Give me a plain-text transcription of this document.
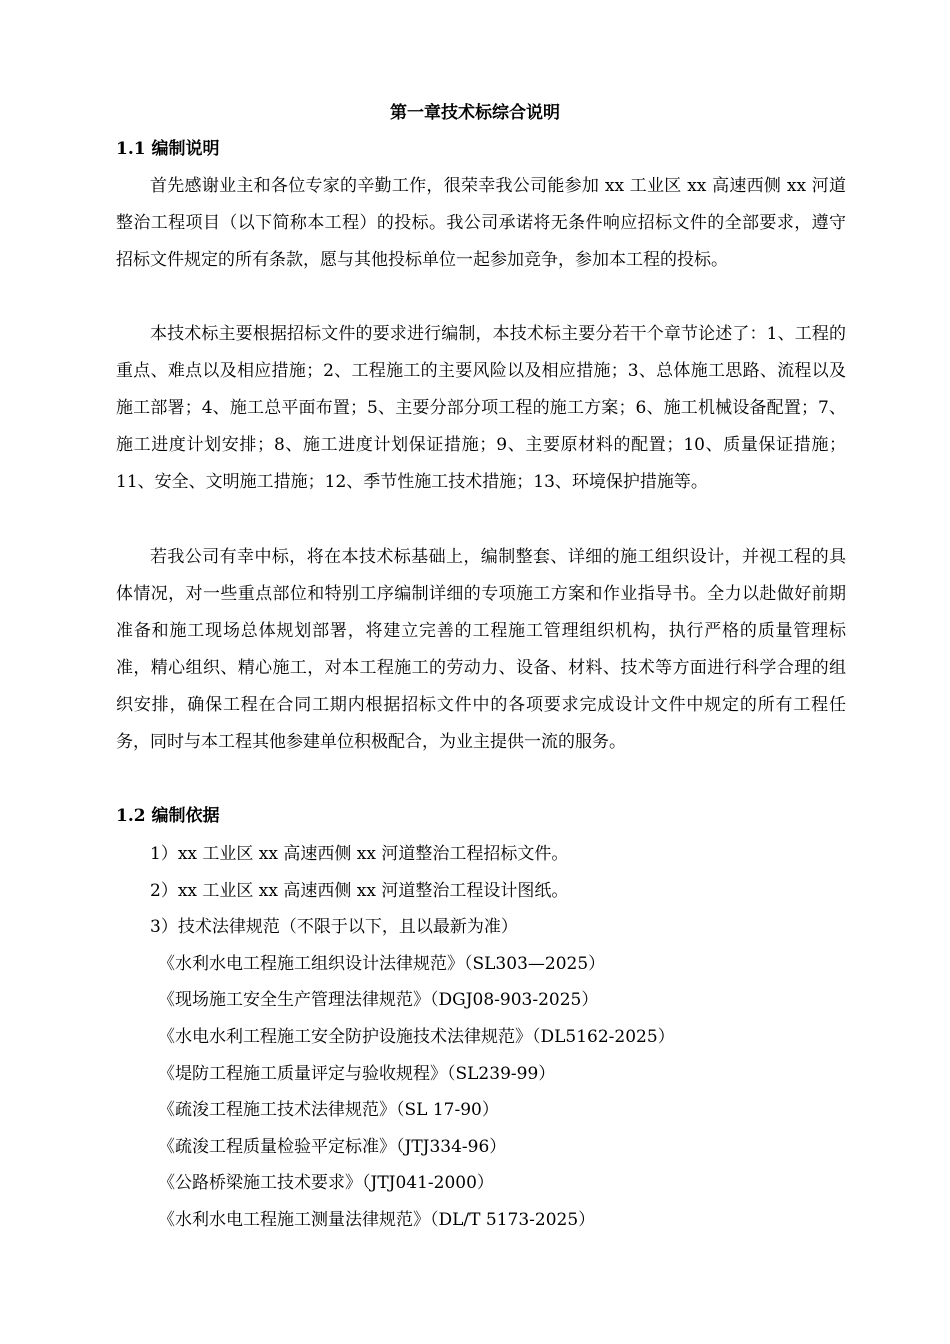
第一章技术标综合说明
1.1 编制说明

首先感谢业主和各位专家的辛勤工作，很荣幸我公司能参加 xx 工业区 xx 高速西侧 xx 河道整治工程项目（以下简称本工程）的投标。我公司承诺将无条件响应招标文件的全部要求，遵守招标文件规定的所有条款，愿与其他投标单位一起参加竞争，参加本工程的投标。

本技术标主要根据招标文件的要求进行编制，本技术标主要分若干个章节论述了：1、工程的重点、难点以及相应措施；2、工程施工的主要风险以及相应措施；3、总体施工思路、流程以及施工部署；4、施工总平面布置；5、主要分部分项工程的施工方案；6、施工机械设备配置；7、施工进度计划安排；8、施工进度计划保证措施；9、主要原材料的配置；10、质量保证措施；11、安全、文明施工措施；12、季节性施工技术措施；13、环境保护措施等。

若我公司有幸中标，将在本技术标基础上，编制整套、详细的施工组织设计，并视工程的具体情况，对一些重点部位和特别工序编制详细的专项施工方案和作业指导书。全力以赴做好前期准备和施工现场总体规划部署，将建立完善的工程施工管理组织机构，执行严格的质量管理标准，精心组织、精心施工，对本工程施工的劳动力、设备、材料、技术等方面进行科学合理的组织安排，确保工程在合同工期内根据招标文件中的各项要求完成设计文件中规定的所有工程任务，同时与本工程其他参建单位积极配合，为业主提供一流的服务。

1.2 编制依据
1）xx 工业区 xx 高速西侧 xx 河道整治工程招标文件。
2）xx 工业区 xx 高速西侧 xx 河道整治工程设计图纸。
3）技术法律规范（不限于以下，且以最新为准）
《水利水电工程施工组织设计法律规范》（SL303—2025）
《现场施工安全生产管理法律规范》（DGJ08-903-2025）
《水电水利工程施工安全防护设施技术法律规范》（DL5162-2025）
《堤防工程施工质量评定与验收规程》（SL239-99）
《疏浚工程施工技术法律规范》（SL 17-90）
《疏浚工程质量检验平定标准》（JTJ334-96）
《公路桥梁施工技术要求》（JTJ041-2000）
《水利水电工程施工测量法律规范》（DL/T 5173-2025）
